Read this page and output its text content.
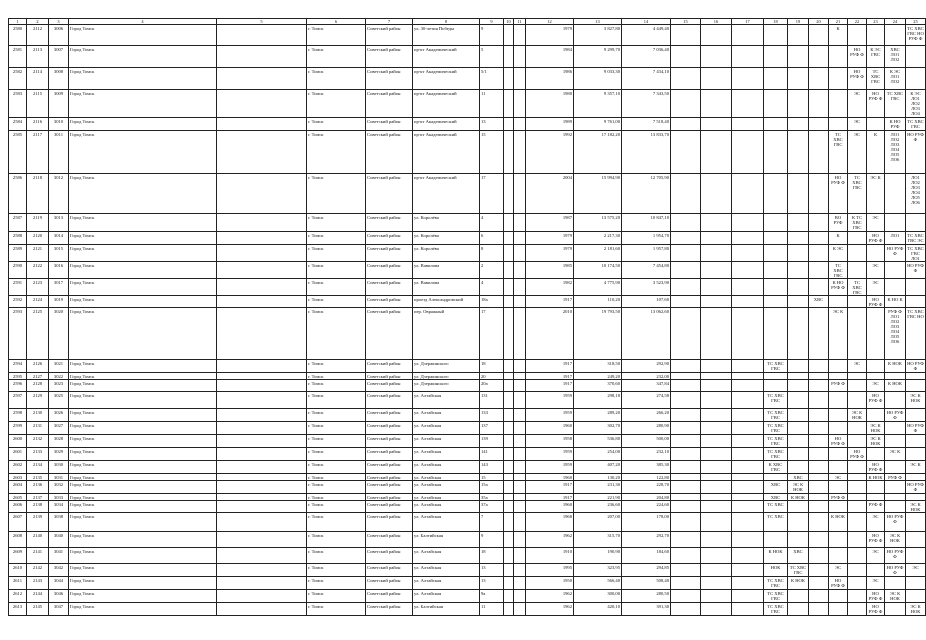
1	2	3	4	5	6	7	8	9	10	11	12	13	14	15	16	17	18	19	20	21	22	23	24	25
2580	2112	3006	Город Томск		г. Томск	Советский район	ул. 30-летия Победы	9			1979	3 827,80	4 449,40							К				ТС ХВС ГВС НО РУФ Ф
2581	2113	3007	Город Томск		г. Томск	Советский район	пр-кт Академический	5			1984	9 299,70	7 036,40								НО РУФ Ф	К ЭС ГВС	ХВС ЛО1 ЛО2	
2582	2114	3008	Город Томск		г. Томск	Советский район	пр-кт Академический	5/1			1986	9 033,30	7 434,10								НО РУФ Ф	ТС ХВС ГВС	К ЭС ЛО1 ЛО2	
2583	2115	3009	Город Томск		г. Томск	Советский район	пр-кт Академический	11			1980	9 357,10	7 343,50								ЭС	НО РУФ Ф	ТС ХВС ГВС	К ЭС ЛО1 ЛО2 ЛО3 ЛО4
2584	2116	3010	Город Томск		г. Томск	Советский район	пр-кт Академический	13			1989	9 761,00	7 518,40								ЭС		К НО РУФ	ТС ХВС ГВС
2585	2117	3011	Город Томск		г. Томск	Советский район	пр-кт Академический	15			1992	17 182,20	13 833,70							ТС ХВС ГВС	ЭС	К	ЛО1 ЛО2 ЛО3 ЛО4 ЛО5 ЛО6	НО РУФ Ф
2586	2118	3012	Город Томск		г. Томск	Советский район	пр-кт Академический	17			2004	15 994,90	12 705,90							НО РУФ Ф	ТС ХВС ГВС	ЭС К		ЛО1 ЛО2 ЛО3 ЛО4 ЛО5 ЛО6
2587	2119	3013	Город Томск		г. Томск	Советский район	ул. Королёва	4			1987	13 575,20	10 847,10							ВО РУФ	К ТС ХВС ГВС	ЭС		
2588	2120	3014	Город Томск		г. Томск	Советский район	ул. Королёва	6			1979	2 217,30	1 954,70							К		НО РУФ Ф	ЛО1	ТС ХВС ГВС ЭС
2589	2121	3015	Город Томск		г. Томск	Советский район	ул. Королёва	8			1979	2 181,60	1 957,80							К ЭС			НО РУФ Ф	ТС ХВС ГВС ЛО1
2590	2122	3016	Город Томск		г. Томск	Советский район	ул. Вавилова	2			1985	10 174,50	7 454,80							ТС ХВС ГВС		ЭС		НО РУФ Ф
2591	2123	3017	Город Томск		г. Томск	Советский район	ул. Вавилова	4			1982	4 775,90	3 523,90							К НО РУФ Ф	ТС ХВС ГВС	ЭС		
2592	2124	3019	Город Томск		г. Томск	Советский район	проезд Александровский	18а			1917	110,20	107,60						ХВС			НО РУФ Ф	К НО К	
2593	2125	3020	Город Томск		г. Томск	Советский район	пер. Овражный	17			2010	19 793,50	13 062,60							ЭС К			РУФ Ф ЛО1 ЛО2 ЛО3 ЛО4 ЛО5 ЛО6	ТС ХВС ГВС НО
2594	2126	3021	Город Томск		г. Томск	Советский район	ул. Дзержинского	18			1917	318,50	292,90				ТС ХВС ГВС				ЭС		К НОК	НО РУФ Ф
2595	2127	3022	Город Томск		г. Томск	Советский район	ул. Дзержинского	20			1917	249,20	232,00											
2596	2128	3023	Город Томск		г. Томск	Советский район	ул. Дзержинского	20а			1917	370,60	347,84							РУФ Ф		ЭС	К НОК	
2597	2129	3025	Город Томск		г. Томск	Советский район	ул. Алтайская	131			1959	298,18	274,58				ТС ХВС ГВС					НО РУФ Ф		ЭС К НОК
2598	2130	3026	Город Томск		г. Томск	Советский район	ул. Алтайская	133			1959	289,20	266,20				ТС ХВС ГВС				ЭС К НОК		НО РУФ Ф	
2599	2131	3027	Город Томск		г. Томск	Советский район	ул. Алтайская	137			1960	302,70	280,90				ТС ХВС ГВС					ЭС К НОК		НО РУФ Ф
2600	2132	3028	Город Томск		г. Томск	Советский район	ул. Алтайская	139			1958	536,80	500,00				ТС ХВС ГВС			НО РУФ Ф		ЭС К НОК		
2601	2133	3029	Город Томск		г. Томск	Советский район	ул. Алтайская	141			1959	254,00	232,10				ТС ХВС ГВС				НО РУФ Ф		ЭС К	
2602	2134	3030	Город Томск		г. Томск	Советский район	ул. Алтайская	143			1959	407,20	385,30				К ХВС ГВС					НО РУФ Ф		ЭС К
2603	2135	3031	Город Томск		г. Томск	Советский район	ул. Алтайская	15			1960	130,20	122,80					ХВС		ЭС		К НОК	РУФ Ф	
2604	2136	3032	Город Томск		г. Томск	Советский район	ул. Алтайская	15а			1917	231,30	228,70				ХВС	ЭС К НОК						НО РУФ Ф
2605	2137	3033	Город Томск		г. Томск	Советский район	ул. Алтайская	35а			1917	221,90	204,80				ХВС	К НОК		РУФ Ф				
2606	2138	3034	Город Томск		г. Томск	Советский район	ул. Алтайская	37а			1960	236,60	224,60				ТС ХВС					РУФ Ф		ЭС К НОК
2607	2139	3038	Город Томск		г. Томск	Советский район	ул. Алтайская	7			1968	207,00	178,00				ТС ХВС			К НОК		ЭС	НО РУФ Ф	
2608	2140	3040	Город Томск		г. Томск	Советский район	ул. Балтийская	9			1962	315,70	292,70									НО РУФ Ф	ЭС К НОК	
2609	2141	3041	Город Томск		г. Томск	Советский район	ул. Алтайская	18			1910	190,90	184,60				К НОК	ХВС				ЭС	НО РУФ Ф	
2610	2142	3042	Город Томск		г. Томск	Советский район	ул. Алтайская	13			1995	323,95	294,85				НОК	ТС ХВС ГВС		ЭС			НО РУФ Ф	ЭС
2611	2143	3044	Город Томск		г. Томск	Советский район	ул. Алтайская	13			1950	566,40	508,40				ТС ХВС ГВС	К НОК		НО РУФ Ф		ЭС		
2612	2144	3046	Город Томск		г. Томск	Советский район	ул. Алтайская	9а			1962	300,00	280,50				ТС ХВС ГВС					НО РУФ Ф	ЭС К НОК	
2613	2145	3047	Город Томск		г. Томск	Советский район	ул. Балтийская	11			1962	420,10	391,30				ТС ХВС ГВС					НО РУФ Ф		ЭС К НОК
